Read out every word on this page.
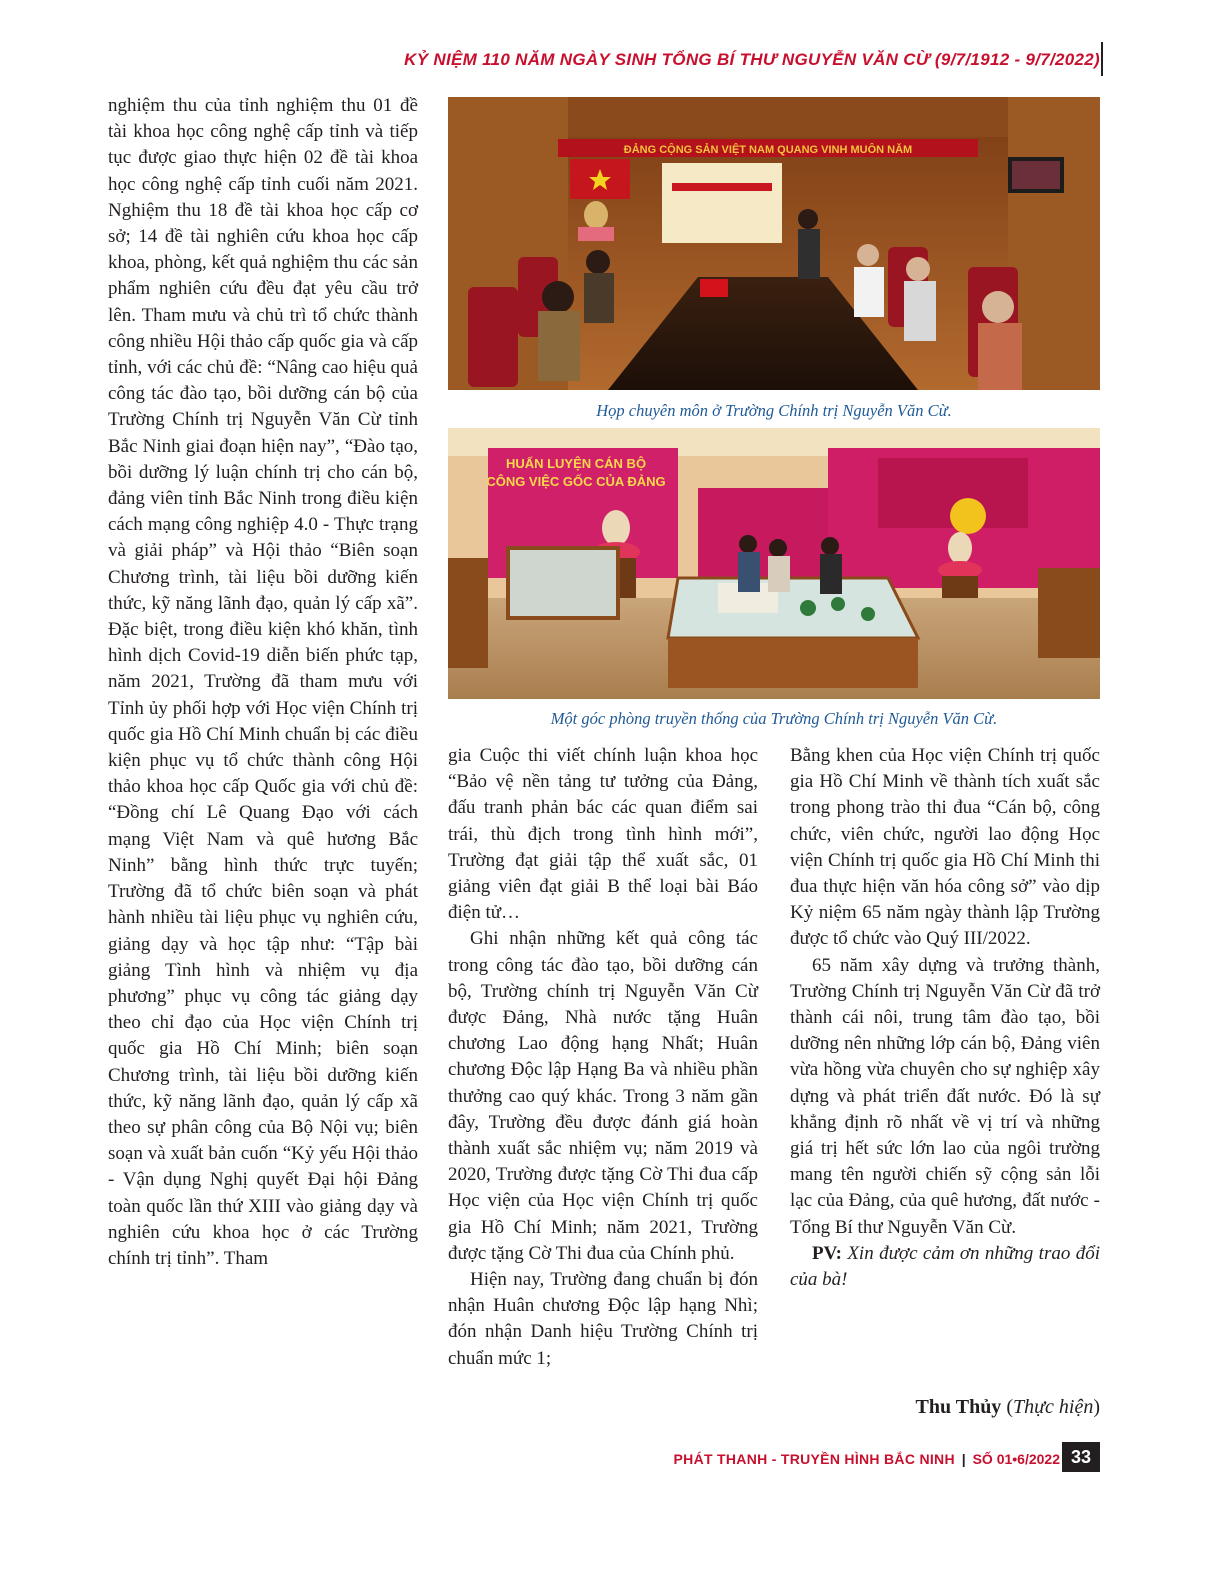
KỶ NIỆM 110 NĂM NGÀY SINH TỔNG BÍ THƯ NGUYỄN VĂN CỪ (9/7/1912 - 9/7/2022)

nghiệm thu của tỉnh nghiệm thu 01 đề tài khoa học công nghệ cấp tỉnh và tiếp tục được giao thực hiện 02 đề tài khoa học công nghệ cấp tỉnh cuối năm 2021. Nghiệm thu 18 đề tài khoa học cấp cơ sở; 14 đề tài nghiên cứu khoa học cấp khoa, phòng, kết quả nghiệm thu các sản phẩm nghiên cứu đều đạt yêu cầu trở lên. Tham mưu và chủ trì tổ chức thành công nhiều Hội thảo cấp quốc gia và cấp tỉnh, với các chủ đề: “Nâng cao hiệu quả công tác đào tạo, bồi dưỡng cán bộ của Trường Chính trị Nguyễn Văn Cừ tỉnh Bắc Ninh giai đoạn hiện nay”, “Đào tạo, bồi dưỡng lý luận chính trị cho cán bộ, đảng viên tỉnh Bắc Ninh trong điều kiện cách mạng công nghiệp 4.0 - Thực trạng và giải pháp” và Hội thảo “Biên soạn Chương trình, tài liệu bồi dưỡng kiến thức, kỹ năng lãnh đạo, quản lý cấp xã”. Đặc biệt, trong điều kiện khó khăn, tình hình dịch Covid-19 diễn biến phức tạp, năm 2021, Trường đã tham mưu với Tỉnh ủy phối hợp với Học viện Chính trị quốc gia Hồ Chí Minh chuẩn bị các điều kiện phục vụ tổ chức thành công Hội thảo khoa học cấp Quốc gia với chủ đề: “Đồng chí Lê Quang Đạo với cách mạng Việt Nam và quê hương Bắc Ninh” bằng hình thức trực tuyến; Trường đã tổ chức biên soạn và phát hành nhiều tài liệu phục vụ nghiên cứu, giảng dạy và học tập như: “Tập bài giảng Tình hình và nhiệm vụ địa phương” phục vụ công tác giảng dạy theo chỉ đạo của Học viện Chính trị quốc gia Hồ Chí Minh; biên soạn Chương trình, tài liệu bồi dưỡng kiến thức, kỹ năng lãnh đạo, quản lý cấp xã theo sự phân công của Bộ Nội vụ; biên soạn và xuất bản cuốn “Kỷ yếu Hội thảo - Vận dụng Nghị quyết Đại hội Đảng toàn quốc lần thứ XIII vào giảng dạy và nghiên cứu khoa học ở các Trường chính trị tỉnh”. Tham

ĐẢNG CỘNG SẢN VIỆT NAM QUANG VINH MUÔN NĂM
Họp chuyên môn ở Trường Chính trị Nguyễn Văn Cừ.
HUẤN LUYỆN CÁN BỘ
CÔNG VIỆC GỐC CỦA ĐẢNG
Một góc phòng truyền thống của Trường Chính trị Nguyễn Văn Cừ.

gia Cuộc thi viết chính luận khoa học “Bảo vệ nền tảng tư tưởng của Đảng, đấu tranh phản bác các quan điểm sai trái, thù địch trong tình hình mới”, Trường đạt giải tập thể xuất sắc, 01 giảng viên đạt giải B thể loại bài Báo điện tử…

Ghi nhận những kết quả công tác trong công tác đào tạo, bồi dưỡng cán bộ, Trường chính trị Nguyễn Văn Cừ được Đảng, Nhà nước tặng Huân chương Lao động hạng Nhất; Huân chương Độc lập Hạng Ba và nhiều phần thưởng cao quý khác. Trong 3 năm gần đây, Trường đều được đánh giá hoàn thành xuất sắc nhiệm vụ; năm 2019 và 2020, Trường được tặng Cờ Thi đua cấp Học viện của Học viện Chính trị quốc gia Hồ Chí Minh; năm 2021, Trường được tặng Cờ Thi đua của Chính phủ.

Hiện nay, Trường đang chuẩn bị đón nhận Huân chương Độc lập hạng Nhì; đón nhận Danh hiệu Trường Chính trị chuẩn mức 1;

Bằng khen của Học viện Chính trị quốc gia Hồ Chí Minh về thành tích xuất sắc trong phong trào thi đua “Cán bộ, công chức, viên chức, người lao động Học viện Chính trị quốc gia Hồ Chí Minh thi đua thực hiện văn hóa công sở” vào dịp Kỷ niệm 65 năm ngày thành lập Trường được tổ chức vào Quý III/2022.

65 năm xây dựng và trưởng thành, Trường Chính trị Nguyễn Văn Cừ đã trở thành cái nôi, trung tâm đào tạo, bồi dưỡng nên những lớp cán bộ, Đảng viên vừa hồng vừa chuyên cho sự nghiệp xây dựng và phát triển đất nước. Đó là sự khẳng định rõ nhất về vị trí và những giá trị hết sức lớn lao của ngôi trường mang tên người chiến sỹ cộng sản lỗi lạc của Đảng, của quê hương, đất nước - Tổng Bí thư Nguyễn Văn Cừ.

PV: Xin được cảm ơn những trao đổi của bà!

Thu Thủy (Thực hiện)
PHÁT THANH - TRUYỀN HÌNH BẮC NINH | SỐ 01•6/2022 33
